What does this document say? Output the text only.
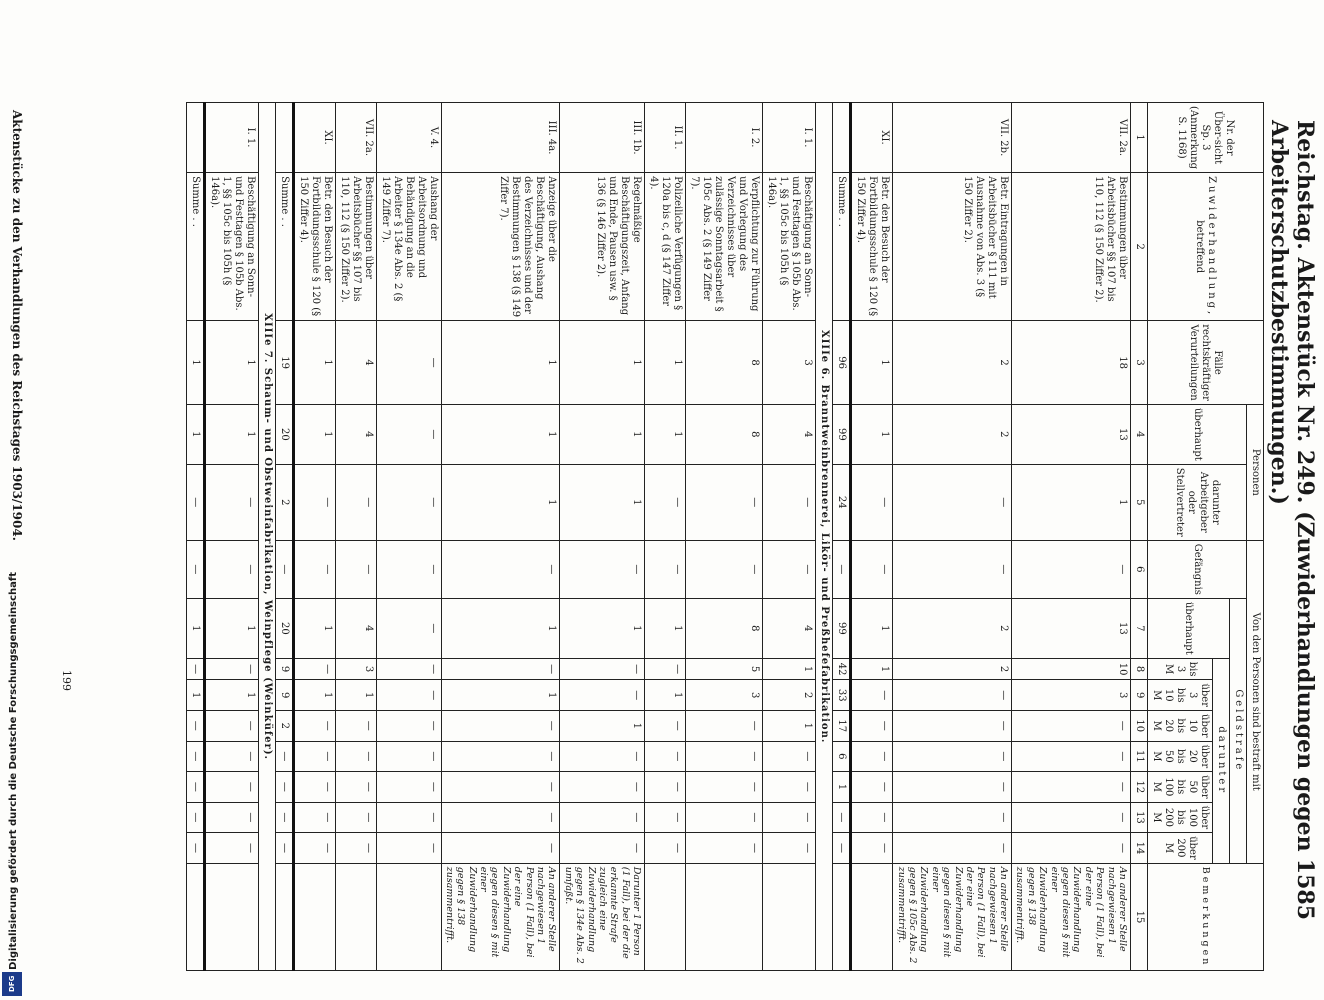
Digitalisierung gefördert durch die Deutsche Forschungsgemeinschaft
DFG
Reichstag. Aktenstück Nr. 249. (Zuwiderhandlungen gegen Arbeiterschutzbestimmungen.)
1585
Nr. der Über-sicht Sp. 3 (Anmerkung S. 1168)	Zuwiderhandlung,
betreffend	Fälle rechtskräftiger Verurteilungen	Personen		Von den Personen sind bestraft mit									Bemerkungen
			überhaupt	darunter Arbeitgeber oder Stellvertreter	Gefängnis	Geldstrafe								
						überhaupt	darunter							
							bis 3 M	über 3 bis 10 M	über 10 bis 20 M	über 20 bis 50 M	über 50 bis 100 M	über 100 bis 200 M	über 200 M	
1	2	3	4	5	6	7	8	9	10	11	12	13	14	15
VII. 2a.	Bestimmungen über Arbeitsbücher §§ 107 bis 110, 112 (§ 150 Ziffer 2).	18	13	1	—	13	10	3	—	—	—	—	—	An anderer Stelle nachgewiesen 1 Person (1 Fall), bei der eine Zuwiderhandlung gegen diesen § mit einer Zuwiderhandlung gegen § 138 zusammentrifft.
VII. 2b.	Betr. Eintragungen in Arbeitsbücher § 111 mit Ausnahme von Abs. 3 (§ 150 Ziffer 2).	2	2	—	—	2	2	—	—	—	—	—	—	An anderer Stelle nachgewiesen 1 Person (1 Fall), bei der eine Zuwiderhandlung gegen diesen § mit einer Zuwiderhandlung gegen § 105c Abs. 2 zusammentrifft.
XI.	Betr. den Besuch der Fortbildungsschule § 120 (§ 150 Ziffer 4).	1	1	—	—	1	1	—	—	—	—	—	—	
	Summe . .	96	99	24	—	99	42	33	17	6	1	—	—	
XIIIe 6. Branntweinbrennerei, Likör- und Preßhefefabrikation.														
I. 1.	Beschäftigung an Sonn- und Festtagen § 105b Abs. 1, §§ 105c bis 105h (§ 146a).	3	4	—	—	4	1	2	1	—	—	—	—	
I. 2.	Verpflichtung zur Führung und Vorlegung des Verzeichnisses über zulässige Sonntagsarbeit § 105c Abs. 2 (§ 149 Ziffer 7).	8	8	—	—	8	5	3	—	—	—	—	—	
II. 1.	Polizeiliche Verfügungen § 120a bis c, d (§ 147 Ziffer 4).	1	1	—	—	1	—	1	—	—	—	—	—	
III. 1b.	Regelmäßige Beschäftigungszeit, Anfang und Ende, Pausen usw. § 136 (§ 146 Ziffer 2).	1	1	1	—	1	—	—	1	—	—	—	—	Darunter 1 Person (1 Fall), bei der die erkannte Strafe zugleich eine Zuwiderhandlung gegen § 134e Abs. 2 umfaßt.
III. 4a.	Anzeige über die Beschäftigung, Aushang des Verzeichnisses und der Bestimmungen § 138 (§ 149 Ziffer 7).	1	1	1	—	1	—	1	—	—	—	—	—	An anderer Stelle nachgewiesen 1 Person (1 Fall), bei der eine Zuwiderhandlung gegen diesen § mit einer Zuwiderhandlung gegen § 138 zusammentrifft.
V. 4.	Aushang der Arbeitsordnung und Behändigung an die Arbeiter § 134e Abs. 2 (§ 149 Ziffer 7).	—	—	—	—	—	—	—	—	—	—	—	—	
VII. 2a.	Bestimmungen über Arbeitsbücher §§ 107 bis 110, 112 (§ 150 Ziffer 2).	4	4	—	—	4	3	1	—	—	—	—	—	
XI.	Betr. den Besuch der Fortbildungsschule § 120 (§ 150 Ziffer 4).	1	1	—	—	1	—	1	—	—	—	—	—	
	Summe . .	19	20	2	—	20	9	9	2	—	—	—	—	
XIIIe 7. Schaum- und Obstweinfabrikation, Weinpflege (Weinküfer).														
I. 1.	Beschäftigung an Sonn- und Festtagen § 105b Abs. 1, §§ 105c bis 105h (§ 146a).	1	1	—	—	1	—	1	—	—	—	—	—	
	Summe . .	1	1	—	—	1	—	1	—	—	—	—	—	
199
Aktenstücke zu den Verhandlungen des Reichstages 1903/1904.
